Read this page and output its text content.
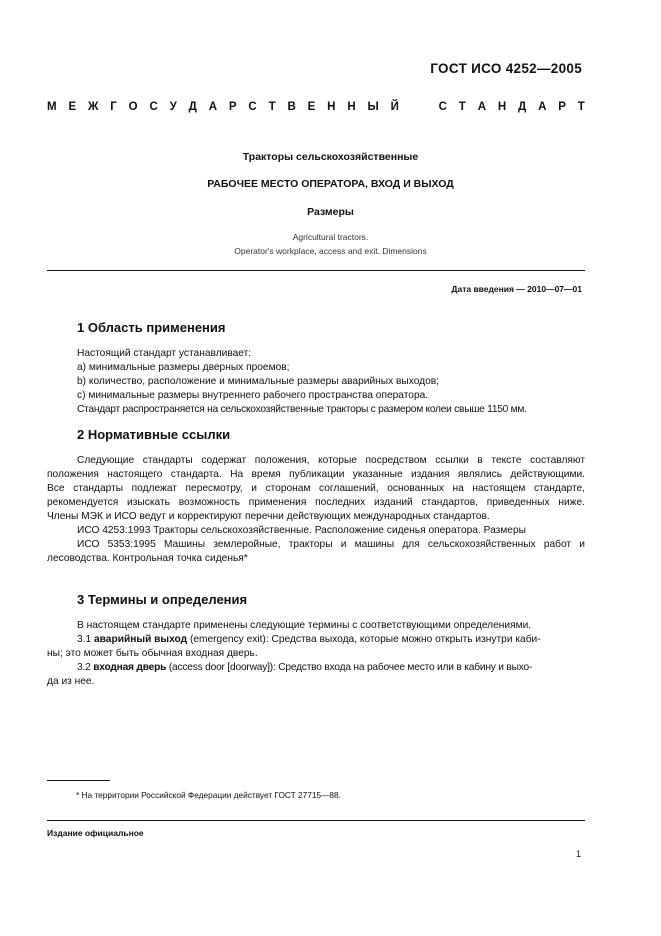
ГОСТ ИСО 4252—2005
М Е Ж Г О С У Д А Р С Т В Е Н Н Ы Й	С Т А Н Д А Р Т
Тракторы сельскохозяйственные
РАБОЧЕЕ МЕСТО ОПЕРАТОРА, ВХОД И ВЫХОД
Размеры
Agricultural tractors.
Operator's workplace, access and exit. Dimensions
Дата введения — 2010—07—01
1 Область применения
Настоящий стандарт устанавливает:
a) минимальные размеры дверных проемов;
b) количество, расположение и минимальные размеры аварийных выходов;
c) минимальные размеры внутреннего рабочего пространства оператора.
Стандарт распространяется на сельскохозяйственные тракторы с размером колеи свыше 1150 мм.
2 Нормативные ссылки
Следующие стандарты содержат положения, которые посредством ссылки в тексте составляют
положения настоящего стандарта. На время публикации указанные издания являлись действующими.
Все стандарты подлежат пересмотру, и сторонам соглашений, основанных на настоящем стандарте,
рекомендуется изыскать возможность применения последних изданий стандартов, приведенных ниже.
Члены МЭК и ИСО ведут и корректируют перечни действующих международных стандартов.
ИСО 4253:1993 Тракторы сельскохозяйственные. Расположение сиденья оператора. Размеры
ИСО 5353:1995 Машины землеройные, тракторы и машины для сельскохозяйственных работ и
лесоводства. Контрольная точка сиденья*
3 Термины и определения
В настоящем стандарте применены следующие термины с соответствующими определениями.
3.1 аварийный выход (emergency exit): Средства выхода, которые можно открыть изнутри каби-
ны; это может быть обычная входная дверь.
3.2 входная дверь (access door [doorway]): Средство входа на рабочее место или в кабину и выхо-
да из нее.
* На территории Российской Федерации действует ГОСТ 27715—88.
Издание официальное
1
